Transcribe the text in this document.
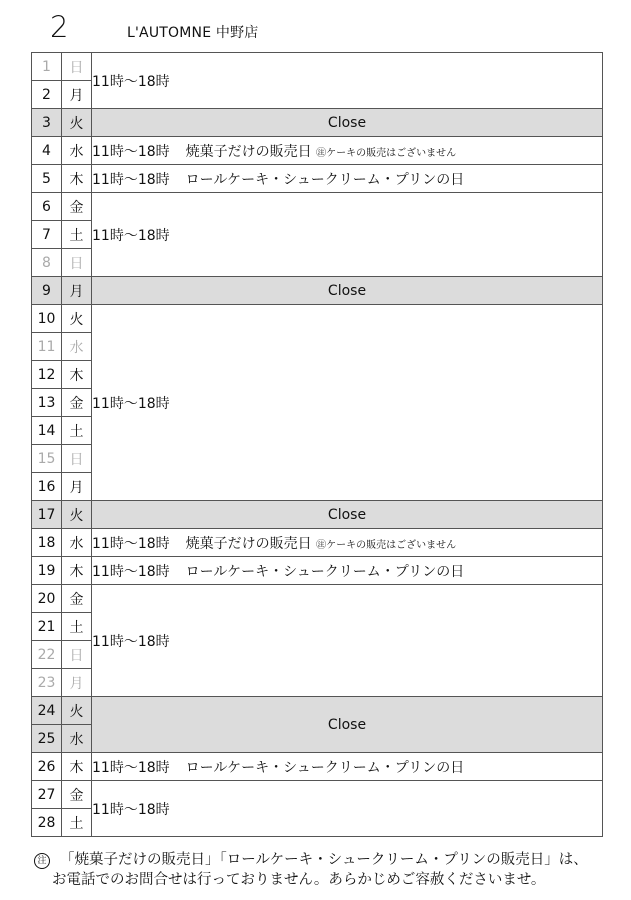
2	L'AUTOMNE 中野店
1	日	11時〜18時
2	月	
3	火	Close
4	水	11時〜18時 焼菓子だけの販売日 ㊟ケーキの販売はございません
5	木	11時〜18時 ロールケーキ・シュークリーム・プリンの日
6	金	11時〜18時
7	土	
8	日	
9	月	Close
10	火	11時〜18時
11	水	
12	木	
13	金	
14	土	
15	日	
16	月	
17	火	Close
18	水	11時〜18時 焼菓子だけの販売日 ㊟ケーキの販売はございません
19	木	11時〜18時 ロールケーキ・シュークリーム・プリンの日
20	金	11時〜18時
21	土	
22	日	
23	月	
24	火	Close
25	水	
26	木	11時〜18時 ロールケーキ・シュークリーム・プリンの日
27	金	11時〜18時
28	土	
注 「焼菓子だけの販売日」「ロールケーキ・シュークリーム・プリンの販売日」は、
お電話でのお問合せは行っておりません。あらかじめご容赦くださいませ。
